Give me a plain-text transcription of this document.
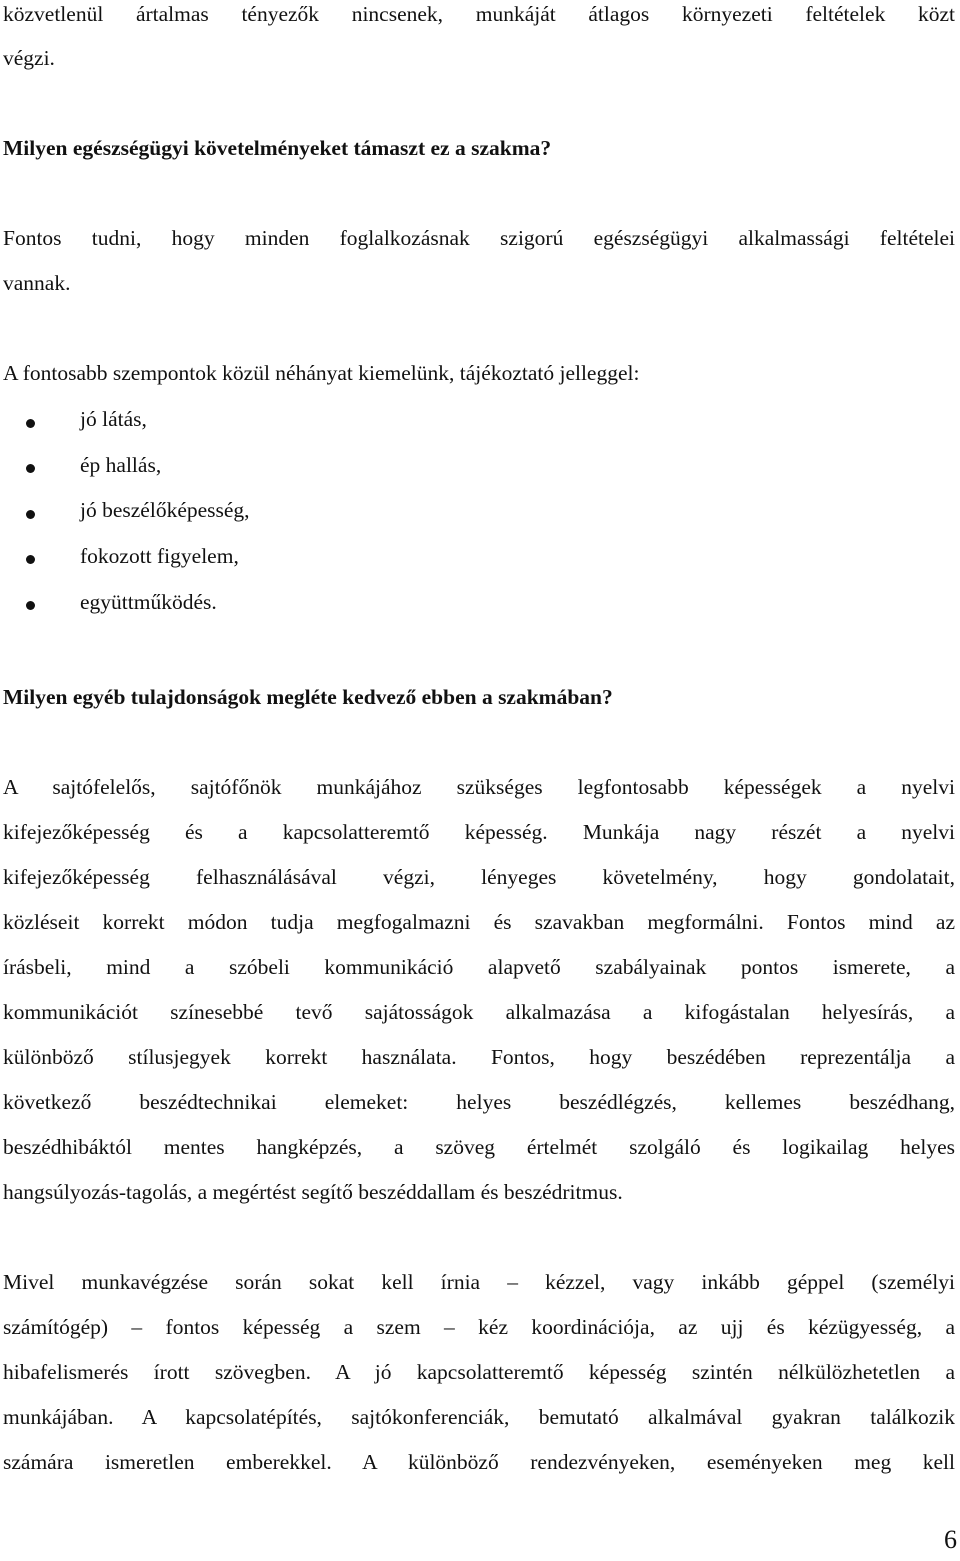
közvetlenül ártalmas tényezők nincsenek, munkáját átlagos környezeti feltételek közt
végzi.
Milyen egészségügyi követelményeket támaszt ez a szakma?
Fontos tudni, hogy minden foglalkozásnak szigorú egészségügyi alkalmassági feltételei
vannak.
A fontosabb szempontok közül néhányat kiemelünk, tájékoztató jelleggel:
jó látás,
ép hallás,
jó beszélőképesség,
fokozott figyelem,
együttműködés.
Milyen egyéb tulajdonságok megléte kedvező ebben a szakmában?
A sajtófelelős, sajtófőnök munkájához szükséges legfontosabb képességek a nyelvi
kifejezőképesség és a kapcsolatteremtő képesség. Munkája nagy részét a nyelvi
kifejezőképesség felhasználásával végzi, lényeges követelmény, hogy gondolatait,
közléseit korrekt módon tudja megfogalmazni és szavakban megformálni. Fontos mind az
írásbeli, mind a szóbeli kommunikáció alapvető szabályainak pontos ismerete, a
kommunikációt színesebbé tevő sajátosságok alkalmazása a kifogástalan helyesírás, a
különböző stílusjegyek korrekt használata. Fontos, hogy beszédében reprezentálja a
következő beszédtechnikai elemeket: helyes beszédlégzés, kellemes beszédhang,
beszédhibáktól mentes hangképzés, a szöveg értelmét szolgáló és logikailag helyes
hangsúlyozás-tagolás, a megértést segítő beszéddallam és beszédritmus.
Mivel munkavégzése során sokat kell írnia – kézzel, vagy inkább géppel (személyi
számítógép) – fontos képesség a szem – kéz koordinációja, az ujj és kézügyesség, a
hibafelismerés írott szövegben. A jó kapcsolatteremtő képesség szintén nélkülözhetetlen a
munkájában. A kapcsolatépítés, sajtókonferenciák, bemutató alkalmával gyakran találkozik
számára ismeretlen emberekkel. A különböző rendezvényeken, eseményeken meg kell
6
